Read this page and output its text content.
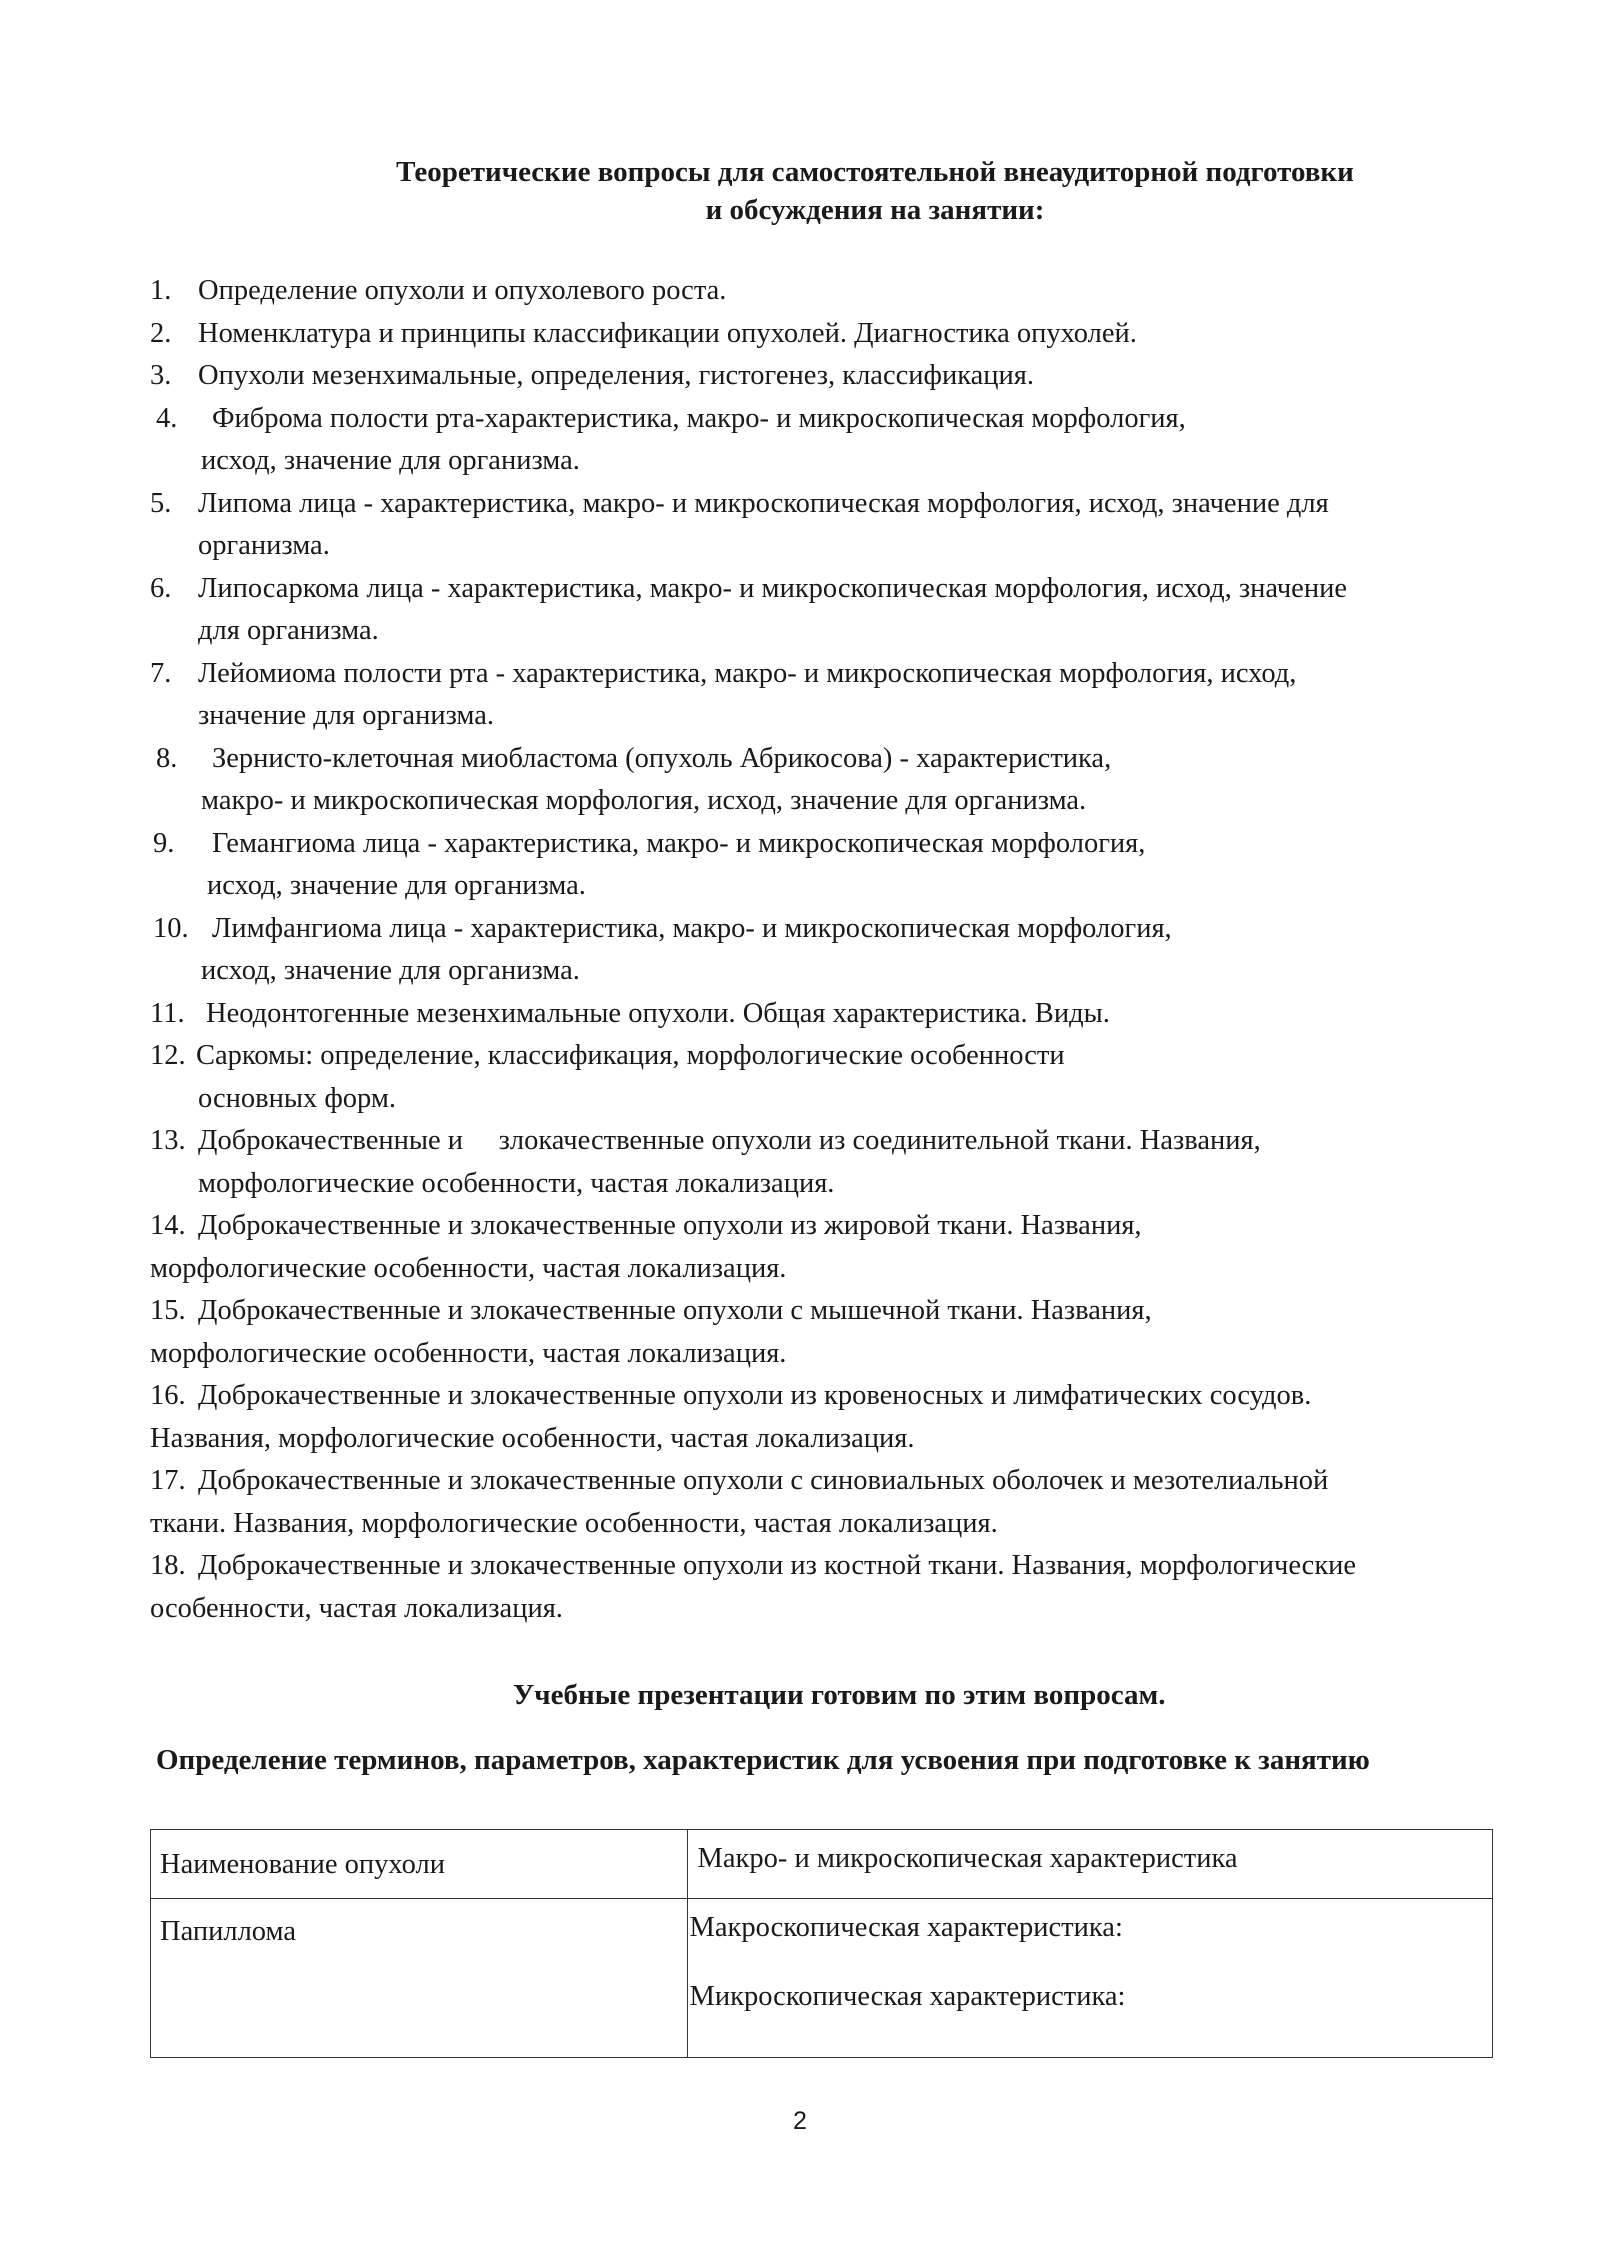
Теоретические вопросы для самостоятельной внеаудиторной подготовки
и обсуждения на занятии:
1. Определение опухоли и опухолевого роста.
2. Номенклатура и принципы классификации опухолей. Диагностика опухолей.
3. Опухоли мезенхимальные, определения, гистогенез, классификация.
4. Фиброма полости рта-характеристика, макро- и микроскопическая морфология,
исход, значение для организма.
5. Липома лица - характеристика, макро- и микроскопическая морфология, исход, значение для
организма.
6. Липосаркома лица - характеристика, макро- и микроскопическая морфология, исход, значение
для организма.
7. Лейомиома полости рта - характеристика, макро- и микроскопическая морфология, исход,
значение для организма.
8. Зернисто-клеточная миобластома (опухоль Абрикосова) - характеристика,
макро- и микроскопическая морфология, исход, значение для организма.
9. Гемангиома лица - характеристика, макро- и микроскопическая морфология,
исход, значение для организма.
10. Лимфангиома лица - характеристика, макро- и микроскопическая морфология,
исход, значение для организма.
11. Неодонтогенные мезенхимальные опухоли. Общая характеристика. Виды.
12. Саркомы: определение, классификация, морфологические особенности
основных форм.
13. Доброкачественные и     злокачественные опухоли из соединительной ткани. Названия,
морфологические особенности, частая локализация.
14. Доброкачественные и злокачественные опухоли из жировой ткани. Названия,
морфологические особенности, частая локализация.
15. Доброкачественные и злокачественные опухоли с мышечной ткани. Названия,
морфологические особенности, частая локализация.
16. Доброкачественные и злокачественные опухоли из кровеносных и лимфатических сосудов.
Названия, морфологические особенности, частая локализация.
17. Доброкачественные и злокачественные опухоли с синовиальных оболочек и мезотелиальной
ткани. Названия, морфологические особенности, частая локализация.
18. Доброкачественные и злокачественные опухоли из костной ткани. Названия, морфологические
особенности, частая локализация.

Учебные презентации готовим по этим вопросам.

Определение терминов, параметров, характеристик для усвоения при подготовке к занятию

Наименование опухоли	Макро- и микроскопическая характеристика

Папиллома	Макроскопическая характеристика:
Микроскопическая характеристика:
2
